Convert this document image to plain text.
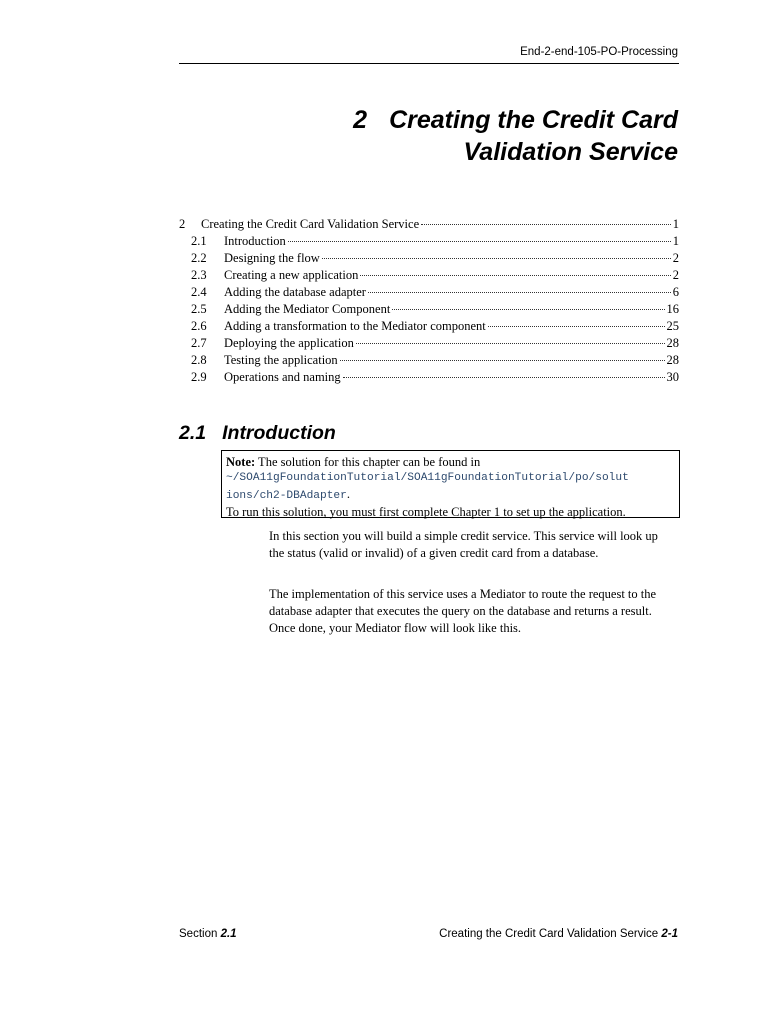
End-2-end-105-PO-Processing
2 Creating the Credit Card
Validation Service
2	Creating the Credit Card Validation Service	1
2.1	Introduction	1
2.2	Designing the flow	2
2.3	Creating a new application	2
2.4	Adding the database adapter	6
2.5	Adding the Mediator Component	16
2.6	Adding a transformation to the Mediator component	25
2.7	Deploying the application	28
2.8	Testing the application	28
2.9	Operations and naming	30
2.1 Introduction
Note: The solution for this chapter can be found in
~/SOA11gFoundationTutorial/SOA11gFoundationTutorial/po/solut
ions/ch2-DBAdapter.
To run this solution, you must first complete Chapter 1 to set up the application.
In this section you will build a simple credit service. This service will look up the status (valid or invalid) of a given credit card from a database.
The implementation of this service uses a Mediator to route the request to the database adapter that executes the query on the database and returns a result. Once done, your Mediator flow will look like this.
Section 2.1	Creating the Credit Card Validation Service 2-1
